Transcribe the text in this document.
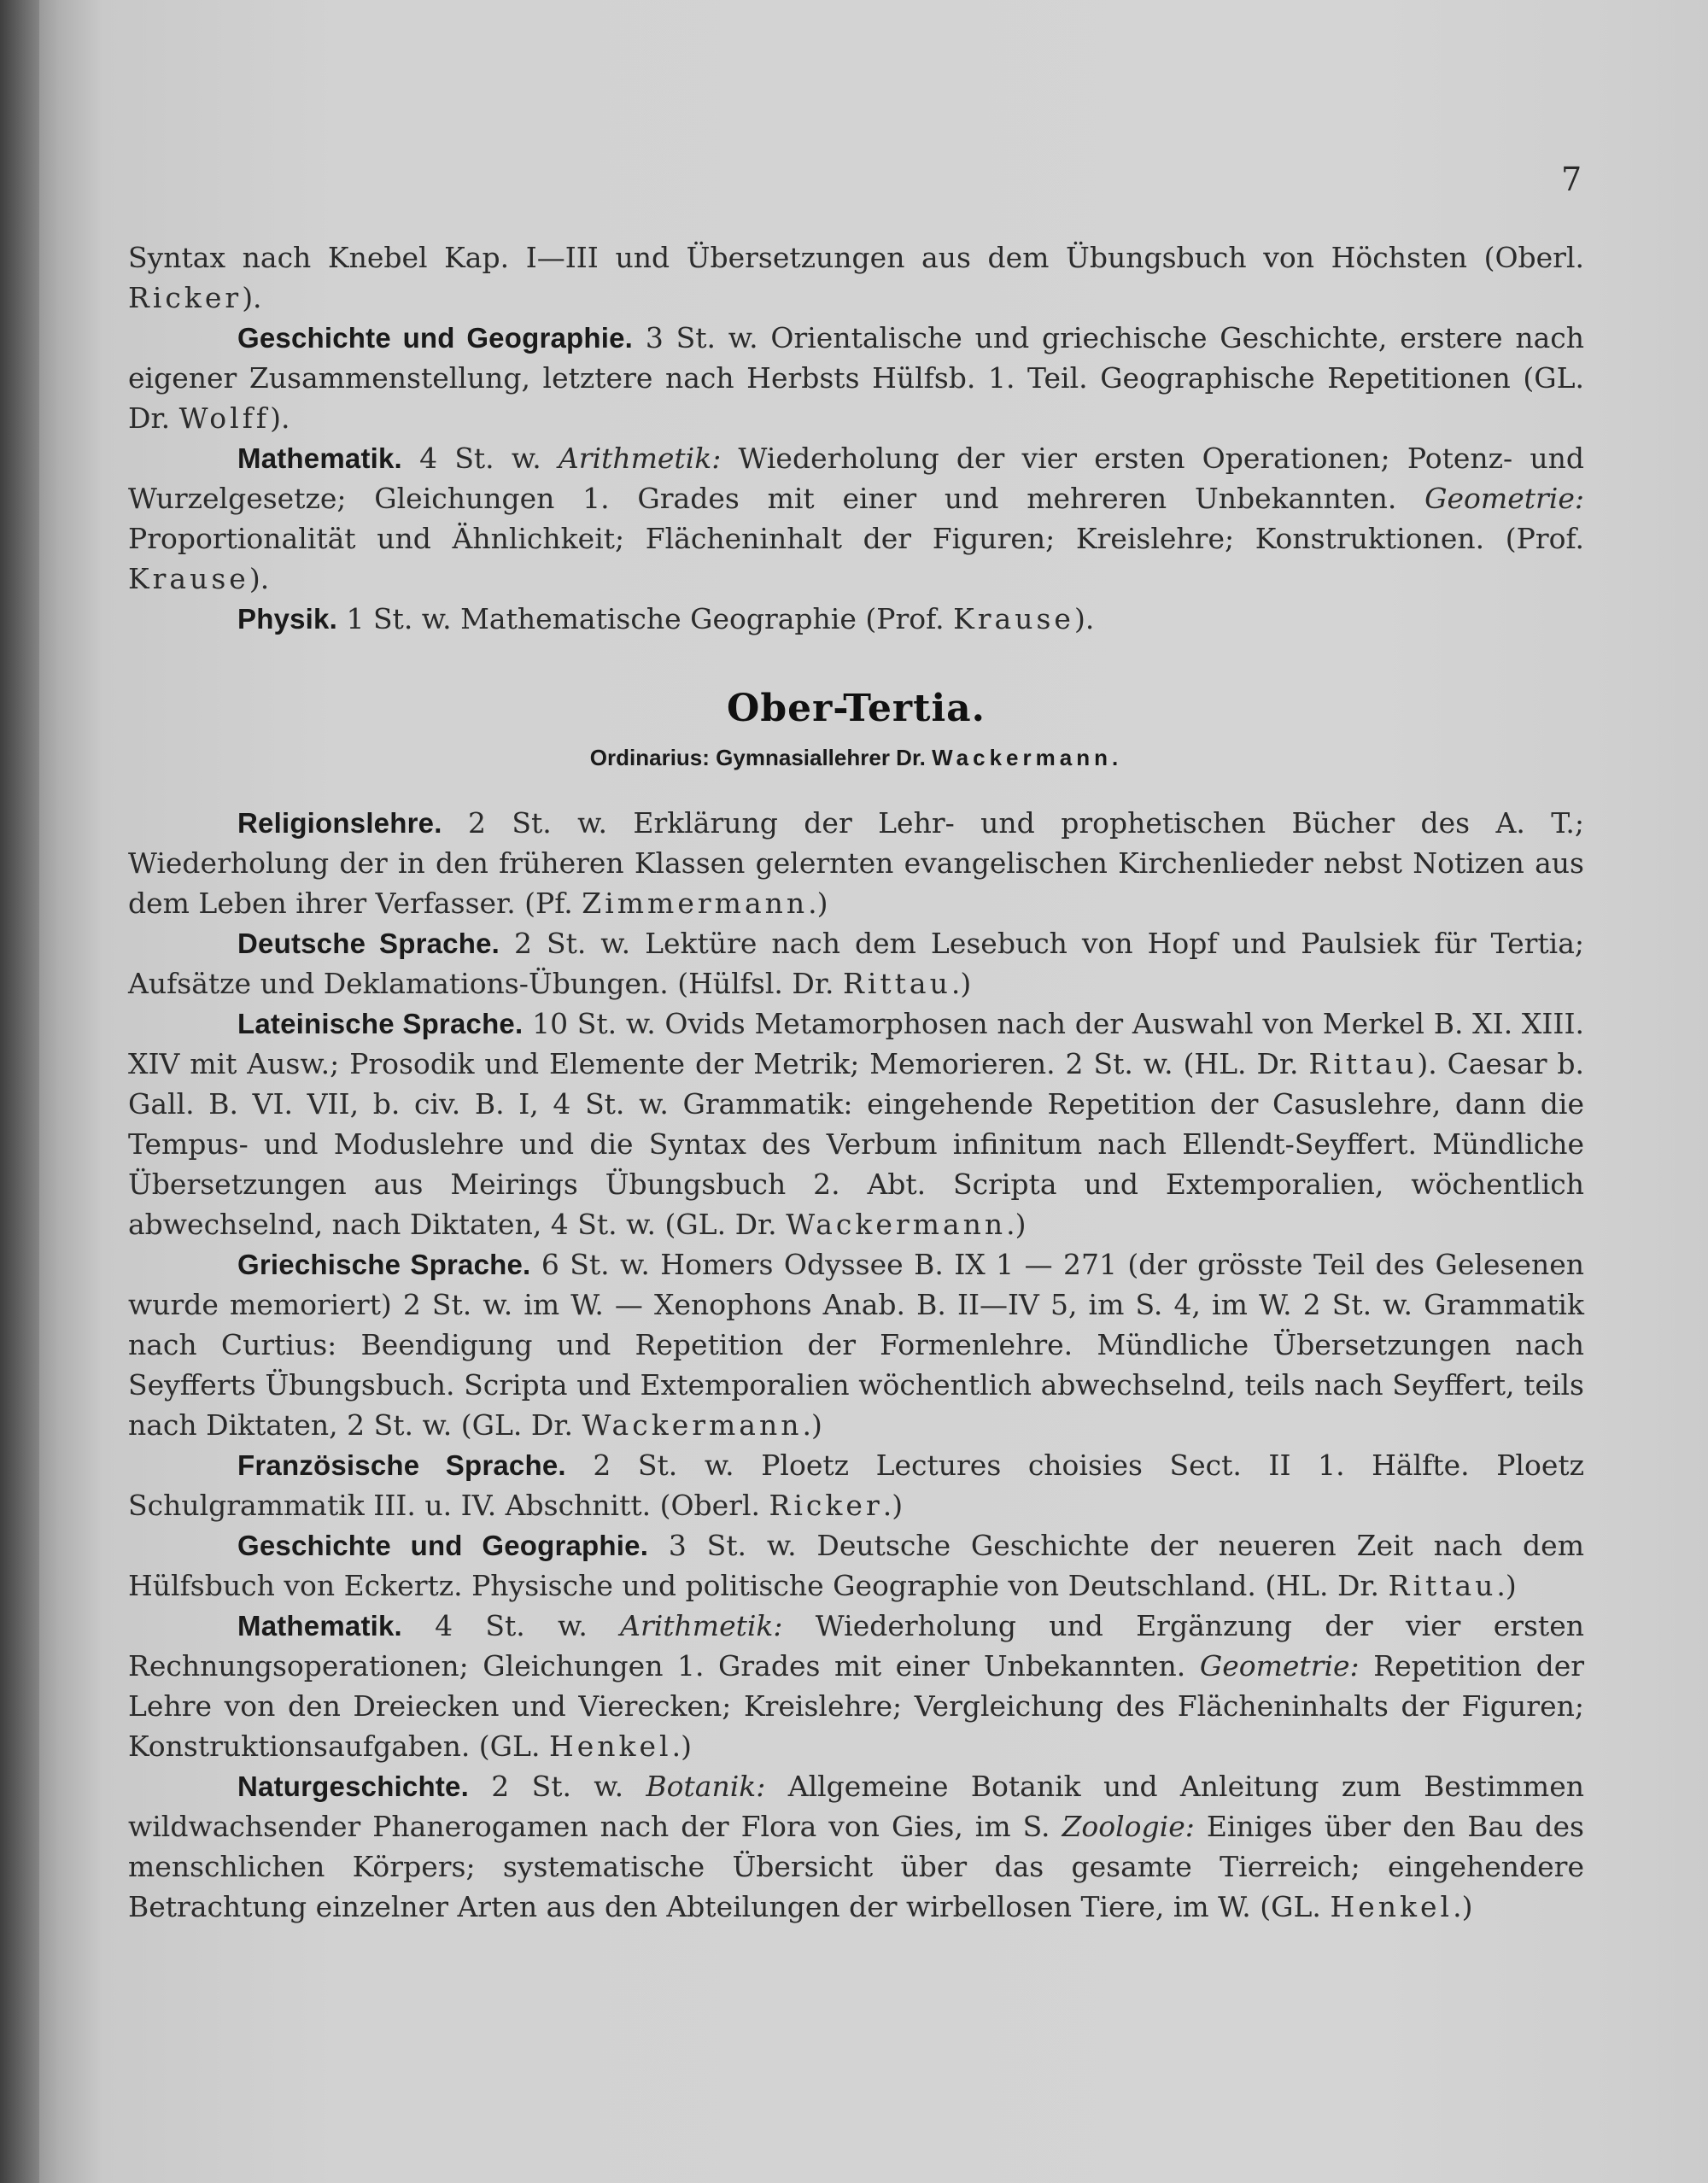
7

Syntax nach Knebel Kap. I—III und Übersetzungen aus dem Übungsbuch von Höchsten (Oberl. Ricker).

Geschichte und Geographie. 3 St. w. Orientalische und griechische Geschichte, erstere nach eigener Zusammenstellung, letztere nach Herbsts Hülfsb. 1. Teil. Geographische Repetitionen (GL. Dr. Wolff).

Mathematik. 4 St. w. Arithmetik: Wiederholung der vier ersten Operationen; Potenz- und Wurzelgesetze; Gleichungen 1. Grades mit einer und mehreren Unbekannten. Geometrie: Proportionalität und Ähnlichkeit; Flächeninhalt der Figuren; Kreislehre; Konstruktionen. (Prof. Krause).

Physik. 1 St. w. Mathematische Geographie (Prof. Krause).

Ober-Tertia.
Ordinarius: Gymnasiallehrer Dr. Wackermann.

Religionslehre. 2 St. w. Erklärung der Lehr- und prophetischen Bücher des A. T.; Wiederholung der in den früheren Klassen gelernten evangelischen Kirchenlieder nebst Notizen aus dem Leben ihrer Verfasser. (Pf. Zimmermann.)

Deutsche Sprache. 2 St. w. Lektüre nach dem Lesebuch von Hopf und Paulsiek für Tertia; Aufsätze und Deklamations-Übungen. (Hülfsl. Dr. Rittau.)

Lateinische Sprache. 10 St. w. Ovids Metamorphosen nach der Auswahl von Merkel B. XI. XIII. XIV mit Ausw.; Prosodik und Elemente der Metrik; Memorieren. 2 St. w. (HL. Dr. Rittau). Caesar b. Gall. B. VI. VII, b. civ. B. I, 4 St. w. Grammatik: eingehende Repetition der Casuslehre, dann die Tempus- und Moduslehre und die Syntax des Verbum infinitum nach Ellendt-Seyffert. Mündliche Übersetzungen aus Meirings Übungsbuch 2. Abt. Scripta und Extemporalien, wöchentlich abwechselnd, nach Diktaten, 4 St. w. (GL. Dr. Wackermann.)

Griechische Sprache. 6 St. w. Homers Odyssee B. IX 1 — 271 (der grösste Teil des Gelesenen wurde memoriert) 2 St. w. im W. — Xenophons Anab. B. II—IV 5, im S. 4, im W. 2 St. w. Grammatik nach Curtius: Beendigung und Repetition der Formenlehre. Mündliche Übersetzungen nach Seyfferts Übungsbuch. Scripta und Extemporalien wöchentlich abwechselnd, teils nach Seyffert, teils nach Diktaten, 2 St. w. (GL. Dr. Wackermann.)

Französische Sprache. 2 St. w. Ploetz Lectures choisies Sect. II 1. Hälfte. Ploetz Schulgrammatik III. u. IV. Abschnitt. (Oberl. Ricker.)

Geschichte und Geographie. 3 St. w. Deutsche Geschichte der neueren Zeit nach dem Hülfsbuch von Eckertz. Physische und politische Geographie von Deutschland. (HL. Dr. Rittau.)

Mathematik. 4 St. w. Arithmetik: Wiederholung und Ergänzung der vier ersten Rechnungsoperationen; Gleichungen 1. Grades mit einer Unbekannten. Geometrie: Repetition der Lehre von den Dreiecken und Vierecken; Kreislehre; Vergleichung des Flächeninhalts der Figuren; Konstruktionsaufgaben. (GL. Henkel.)

Naturgeschichte. 2 St. w. Botanik: Allgemeine Botanik und Anleitung zum Bestimmen wildwachsender Phanerogamen nach der Flora von Gies, im S. Zoologie: Einiges über den Bau des menschlichen Körpers; systematische Übersicht über das gesamte Tierreich; eingehendere Betrachtung einzelner Arten aus den Abteilungen der wirbellosen Tiere, im W. (GL. Henkel.)
